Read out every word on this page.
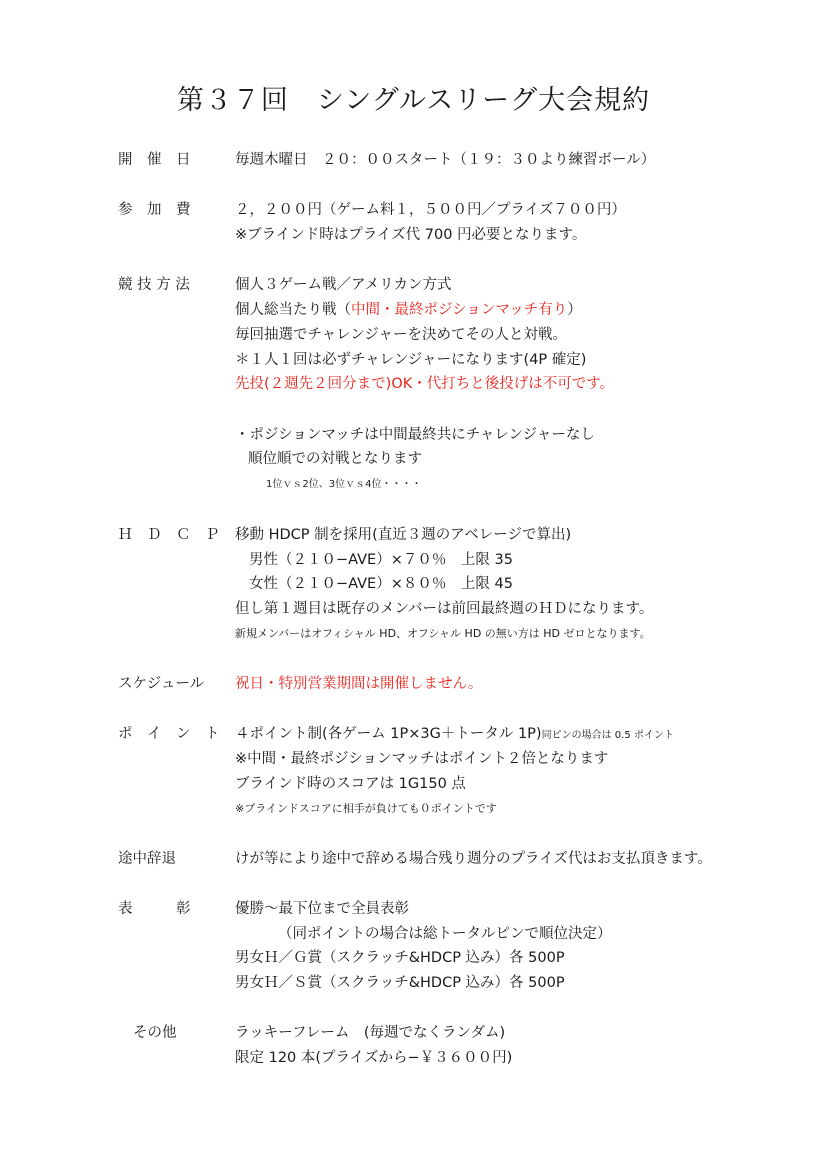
第３７回　シングルスリーグ大会規約
開　催　日	毎週木曜日　２０：００スタート（１９：３０より練習ボール）
参　加　費	２，２００円（ゲーム料１，５００円／プライズ７００円）
※ブラインド時はプライズ代 700 円必要となります。
競 技 方 法	個人３ゲーム戦／アメリカン方式
個人総当たり戦（中間・最終ポジションマッチ有り）
毎回抽選でチャレンジャーを決めてその人と対戦。
＊１人１回は必ずチャレンジャーになります(4P 確定)
先投(２週先２回分まで)OK・代打ちと後投げは不可です。
・ポジションマッチは中間最終共にチャレンジャーなし
順位順での対戦となります
1位ｖｓ2位、3位ｖｓ4位・・・・
Ｈ　Ｄ　Ｃ　Ｐ 移動 HDCP 制を採用(直近３週のアベレージで算出)
男性（２１０−AVE）×７０％　上限 35
女性（２１０−AVE）×８０％　上限 45
但し第１週目は既存のメンバーは前回最終週のＨＤになります。
新規メンバーはオフィシャル HD、オフシャル HD の無い方は HD ゼロとなります。
スケジュール 祝日・特別営業期間は開催しません。
ポ　イ　ン　ト ４ポイント制(各ゲーム 1P×3G＋トータル 1P)同ピンの場合は 0.5 ポイント
※中間・最終ポジションマッチはポイント２倍となります
ブラインド時のスコアは 1G150 点
※ブラインドスコアに相手が負けても０ポイントです
途中辞退	けが等により途中で辞める場合残り週分のプライズ代はお支払頂きます。
表　　　彰	優勝〜最下位まで全員表彰
（同ポイントの場合は総トータルピンで順位決定）
男女Ｈ／Ｇ賞（スクラッチ&HDCP 込み）各 500P
男女Ｈ／Ｓ賞（スクラッチ&HDCP 込み）各 500P
その他	ラッキーフレーム　(毎週でなくランダム)
限定 120 本(プライズから−￥３６００円)
